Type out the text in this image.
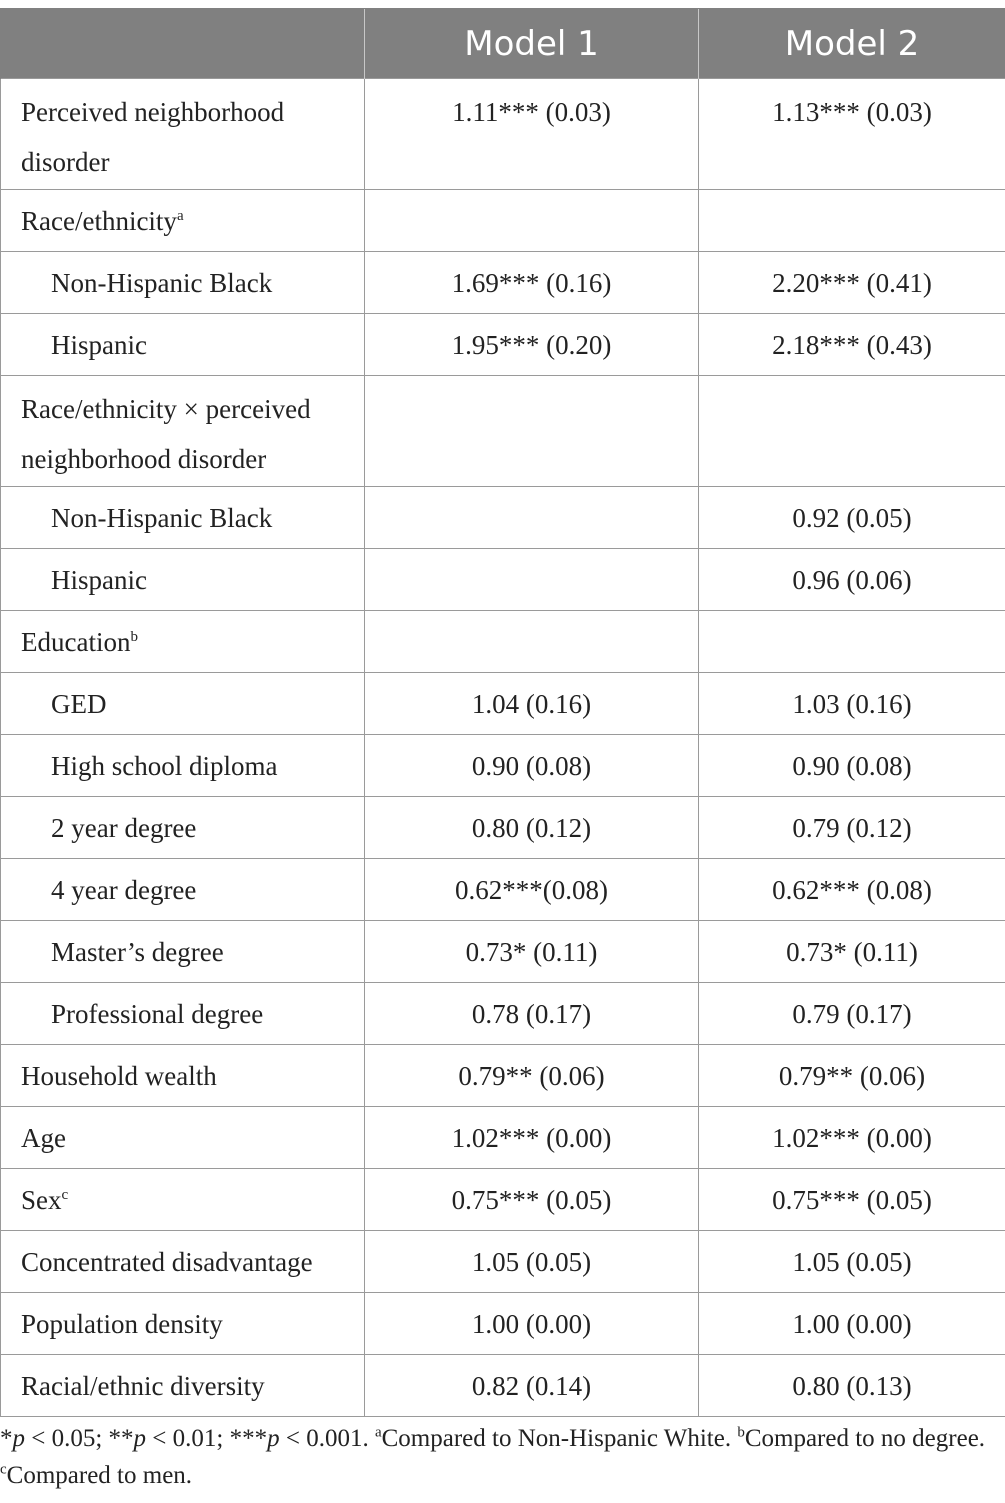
	Model 1	Model 2
Perceived neighborhood disorder	1.11*** (0.03)	1.13*** (0.03)
Race/ethnicity$^a$		
Non-Hispanic Black	1.69*** (0.16)	2.20*** (0.41)
Hispanic	1.95*** (0.20)	2.18*** (0.43)
Race/ethnicity × perceived neighborhood disorder		
Non-Hispanic Black		0.92 (0.05)
Hispanic		0.96 (0.06)
Education$^b$		
GED	1.04 (0.16)	1.03 (0.16)
High school diploma	0.90 (0.08)	0.90 (0.08)
2 year degree	0.80 (0.12)	0.79 (0.12)
4 year degree	0.62***(0.08)	0.62*** (0.08)
Master’s degree	0.73* (0.11)	0.73* (0.11)
Professional degree	0.78 (0.17)	0.79 (0.17)
Household wealth	0.79** (0.06)	0.79** (0.06)
Age	1.02*** (0.00)	1.02*** (0.00)
Sex$^c$	0.75*** (0.05)	0.75*** (0.05)
Concentrated disadvantage	1.05 (0.05)	1.05 (0.05)
Population density	1.00 (0.00)	1.00 (0.00)
Racial/ethnic diversity	0.82 (0.14)	0.80 (0.13)
*p < 0.05; **p < 0.01; ***p < 0.001. $^a$Compared to Non-Hispanic White. $^b$Compared to no degree. $^c$Compared to men.
